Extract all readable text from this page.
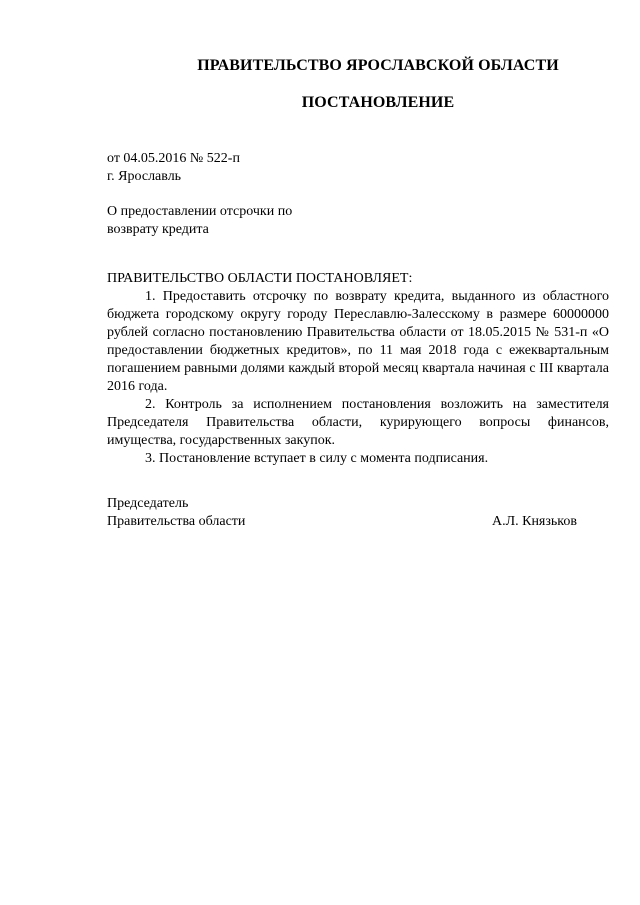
ПРАВИТЕЛЬСТВО ЯРОСЛАВСКОЙ ОБЛАСТИ
ПОСТАНОВЛЕНИЕ
от 04.05.2016 № 522-п
г. Ярославль
О предоставлении отсрочки по
возврату кредита
ПРАВИТЕЛЬСТВО ОБЛАСТИ ПОСТАНОВЛЯЕТ:

1. Предоставить отсрочку по возврату кредита, выданного из областного бюджета городскому округу городу Переславлю-Залесскому в размере 60000000 рублей согласно постановлению Правительства области от 18.05.2015 № 531-п «О предоставлении бюджетных кредитов», по 11 мая 2018 года с ежеквартальным погашением равными долями каждый второй месяц квартала начиная с III квартала 2016 года.

2. Контроль за исполнением постановления возложить на заместителя Председателя Правительства области, курирующего вопросы финансов, имущества, государственных закупок.

3. Постановление вступает в силу с момента подписания.

Председатель
Правительства области	А.Л. Князьков
